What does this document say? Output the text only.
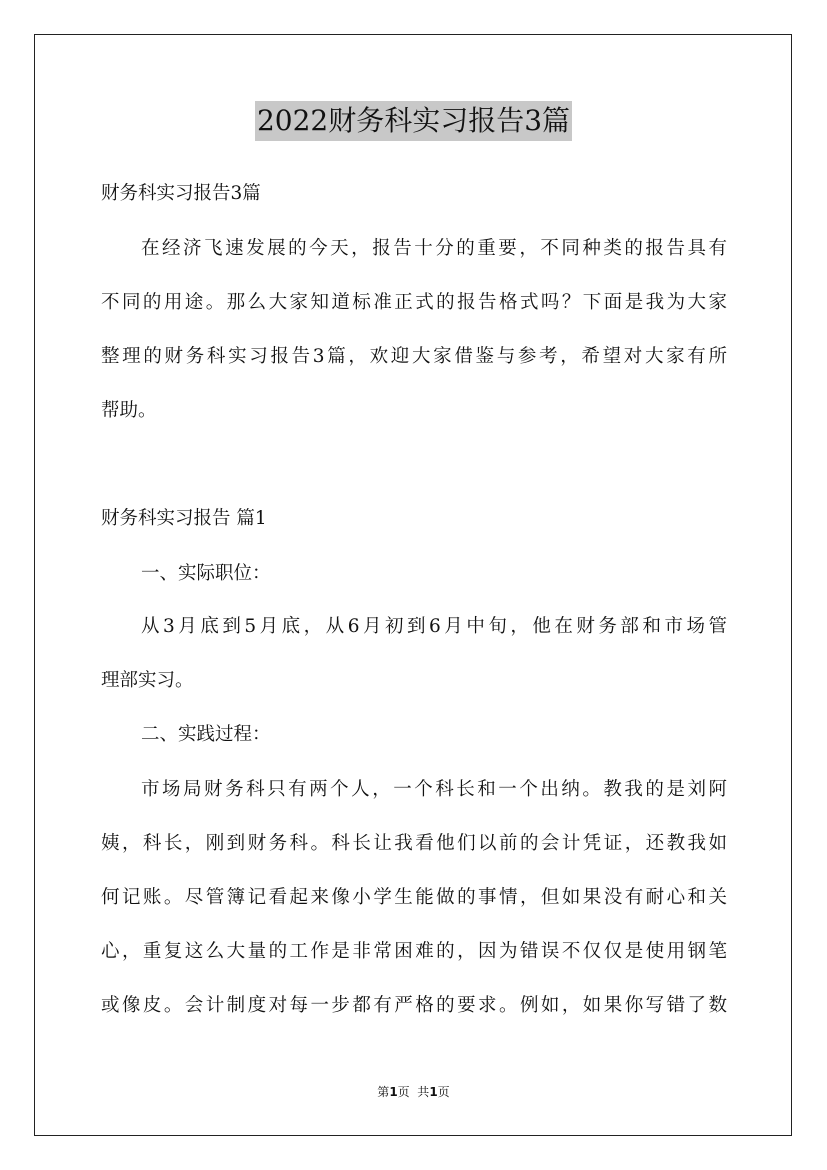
2022财务科实习报告3篇
财务科实习报告3篇
在经济飞速发展的今天，报告十分的重要，不同种类的报告具有
不同的用途。那么大家知道标准正式的报告格式吗？下面是我为大家
整理的财务科实习报告3篇，欢迎大家借鉴与参考，希望对大家有所
帮助。
财务科实习报告 篇1
一、实际职位：
从3月底到5月底，从6月初到6月中旬，他在财务部和市场管
理部实习。
二、实践过程：
市场局财务科只有两个人，一个科长和一个出纳。教我的是刘阿
姨，科长，刚到财务科。科长让我看他们以前的会计凭证，还教我如
何记账。尽管簿记看起来像小学生能做的事情，但如果没有耐心和关
心，重复这么大量的工作是非常困难的，因为错误不仅仅是使用钢笔
或像皮。会计制度对每一步都有严格的要求。例如，如果你写错了数
第1页  共1页
